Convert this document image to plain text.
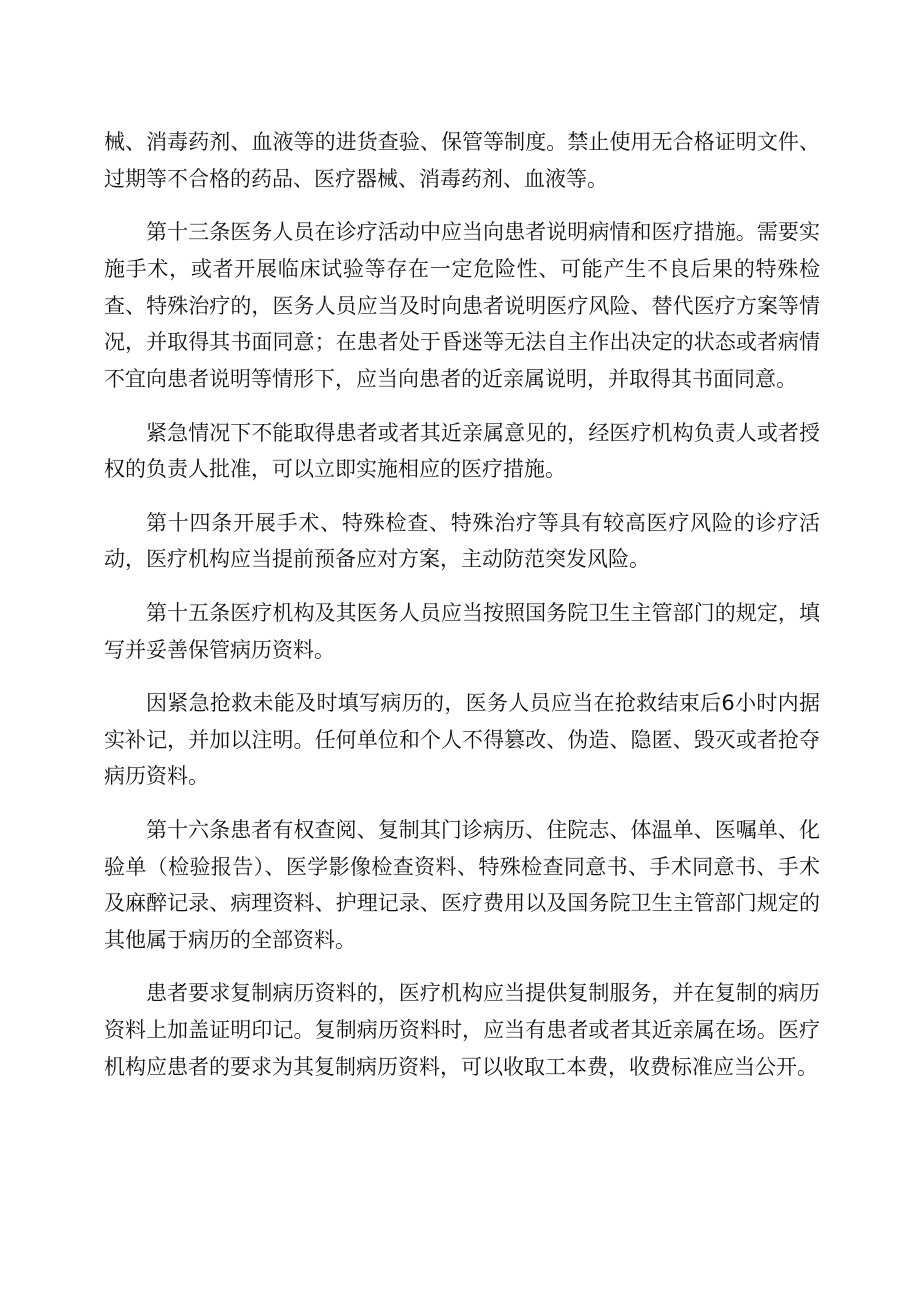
械、消毒药剂、血液等的进货查验、保管等制度。禁止使用无合格证明文件、过期等不合格的药品、医疗器械、消毒药剂、血液等。

第十三条医务人员在诊疗活动中应当向患者说明病情和医疗措施。需要实施手术，或者开展临床试验等存在一定危险性、可能产生不良后果的特殊检查、特殊治疗的，医务人员应当及时向患者说明医疗风险、替代医疗方案等情况，并取得其书面同意；在患者处于昏迷等无法自主作出决定的状态或者病情不宜向患者说明等情形下，应当向患者的近亲属说明，并取得其书面同意。

紧急情况下不能取得患者或者其近亲属意见的，经医疗机构负责人或者授权的负责人批准，可以立即实施相应的医疗措施。

第十四条开展手术、特殊检查、特殊治疗等具有较高医疗风险的诊疗活动，医疗机构应当提前预备应对方案，主动防范突发风险。

第十五条医疗机构及其医务人员应当按照国务院卫生主管部门的规定，填写并妥善保管病历资料。

因紧急抢救未能及时填写病历的，医务人员应当在抢救结束后6小时内据实补记，并加以注明。任何单位和个人不得篡改、伪造、隐匿、毁灭或者抢夺病历资料。

第十六条患者有权查阅、复制其门诊病历、住院志、体温单、医嘱单、化验单（检验报告）、医学影像检查资料、特殊检查同意书、手术同意书、手术及麻醉记录、病理资料、护理记录、医疗费用以及国务院卫生主管部门规定的其他属于病历的全部资料。

患者要求复制病历资料的，医疗机构应当提供复制服务，并在复制的病历资料上加盖证明印记。复制病历资料时，应当有患者或者其近亲属在场。医疗机构应患者的要求为其复制病历资料，可以收取工本费，收费标准应当公开。
